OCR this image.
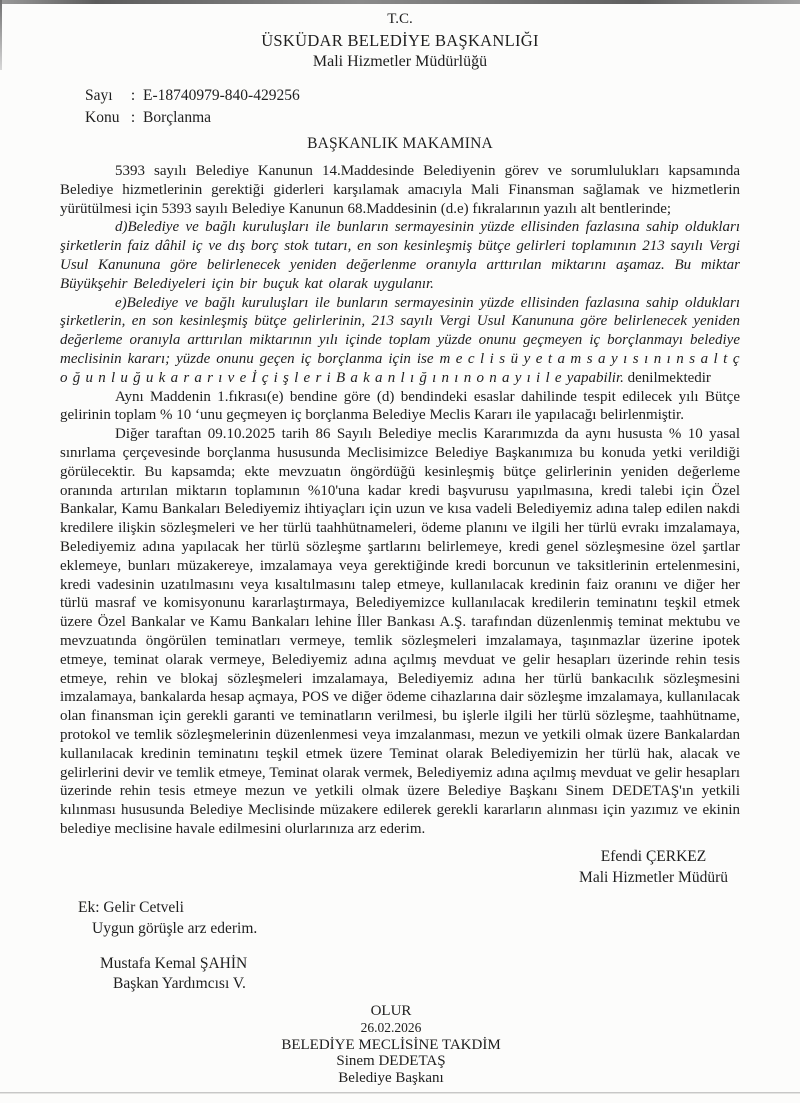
T.C.
ÜSKÜDAR BELEDİYE BAŞKANLIĞI
Mali Hizmetler Müdürlüğü
Sayı	: E-18740979-840-429256
Konu : Borçlanma
BAŞKANLIK MAKAMINA

5393 sayılı Belediye Kanunun 14.Maddesinde Belediyenin görev ve sorumlulukları kapsamında Belediye hizmetlerinin gerektiği giderleri karşılamak amacıyla Mali Finansman sağlamak ve hizmetlerin yürütülmesi için 5393 sayılı Belediye Kanunun 68.Maddesinin (d.e) fıkralarının yazılı alt bentlerinde;

d)Belediye ve bağlı kuruluşları ile bunların sermayesinin yüzde ellisinden fazlasına sahip oldukları şirketlerin faiz dâhil iç ve dış borç stok tutarı, en son kesinleşmiş bütçe gelirleri toplamının 213 sayılı Vergi Usul Kanununa göre belirlenecek yeniden değerlenme oranıyla arttırılan miktarını aşamaz. Bu miktar Büyükşehir Belediyeleri için bir buçuk kat olarak uygulanır.

e)Belediye ve bağlı kuruluşları ile bunların sermayesinin yüzde ellisinden fazlasına sahip oldukları şirketlerin, en son kesinleşmiş bütçe gelirlerinin, 213 sayılı Vergi Usul Kanununa göre belirlenecek yeniden değerleme oranıyla arttırılan miktarının yılı içinde toplam yüzde onunu geçmeyen iç borçlanmayı belediye meclisinin kararı; yüzde onunu geçen iç borçlanma için ise m e c l i s ü y e t a m s a y ı s ı n ı n s a l t ç o ğ u n l u ğ u k a r a r ı v e İ ç i ş l e r i B a k a n l ı ğ ı n ı n o n a y ı i l e yapabilir. denilmektedir

Aynı Maddenin 1.fıkrası(e) bendine göre (d) bendindeki esaslar dahilinde tespit edilecek yılı Bütçe gelirinin toplam % 10 ‘unu geçmeyen iç borçlanma Belediye Meclis Kararı ile yapılacağı belirlenmiştir.

Diğer taraftan 09.10.2025 tarih 86 Sayılı Belediye meclis Kararımızda da aynı hususta % 10 yasal sınırlama çerçevesinde borçlanma hususunda Meclisimizce Belediye Başkanımıza bu konuda yetki verildiği görülecektir. Bu kapsamda; ekte mevzuatın öngördüğü kesinleşmiş bütçe gelirlerinin yeniden değerleme oranında artırılan miktarın toplamının %10'una kadar kredi başvurusu yapılmasına, kredi talebi için Özel Bankalar, Kamu Bankaları Belediyemiz ihtiyaçları için uzun ve kısa vadeli Belediyemiz adına talep edilen nakdi kredilere ilişkin sözleşmeleri ve her türlü taahhütnameleri, ödeme planını ve ilgili her türlü evrakı imzalamaya, Belediyemiz adına yapılacak her türlü sözleşme şartlarını belirlemeye, kredi genel sözleşmesine özel şartlar eklemeye, bunları müzakereye, imzalamaya veya gerektiğinde kredi borcunun ve taksitlerinin ertelenmesini, kredi vadesinin uzatılmasını veya kısaltılmasını talep etmeye, kullanılacak kredinin faiz oranını ve diğer her türlü masraf ve komisyonunu kararlaştırmaya, Belediyemizce kullanılacak kredilerin teminatını teşkil etmek üzere Özel Bankalar ve Kamu Bankaları lehine İller Bankası A.Ş. tarafından düzenlenmiş teminat mektubu ve mevzuatında öngörülen teminatları vermeye, temlik sözleşmeleri imzalamaya, taşınmazlar üzerine ipotek etmeye, teminat olarak vermeye, Belediyemiz adına açılmış mevduat ve gelir hesapları üzerinde rehin tesis etmeye, rehin ve blokaj sözleşmeleri imzalamaya, Belediyemiz adına her türlü bankacılık sözleşmesini imzalamaya, bankalarda hesap açmaya, POS ve diğer ödeme cihazlarına dair sözleşme imzalamaya, kullanılacak olan finansman için gerekli garanti ve teminatların verilmesi, bu işlerle ilgili her türlü sözleşme, taahhütname, protokol ve temlik sözleşmelerinin düzenlenmesi veya imzalanması, mezun ve yetkili olmak üzere Bankalardan kullanılacak kredinin teminatını teşkil etmek üzere Teminat olarak Belediyemizin her türlü hak, alacak ve gelirlerini devir ve temlik etmeye, Teminat olarak vermek, Belediyemiz adına açılmış mevduat ve gelir hesapları üzerinde rehin tesis etmeye mezun ve yetkili olmak üzere Belediye Başkanı Sinem DEDETAŞ'ın yetkili kılınması hususunda Belediye Meclisinde müzakere edilerek gerekli kararların alınması için yazımız ve ekinin belediye meclisine havale edilmesini olurlarınıza arz ederim.

Efendi ÇERKEZ
Mali Hizmetler Müdürü
Ek: Gelir Cetveli
Uygun görüşle arz ederim.
Mustafa Kemal ŞAHİN
Başkan Yardımcısı V.
OLUR
26.02.2026
BELEDİYE MECLİSİNE TAKDİM
Sinem DEDETAŞ
Belediye Başkanı
